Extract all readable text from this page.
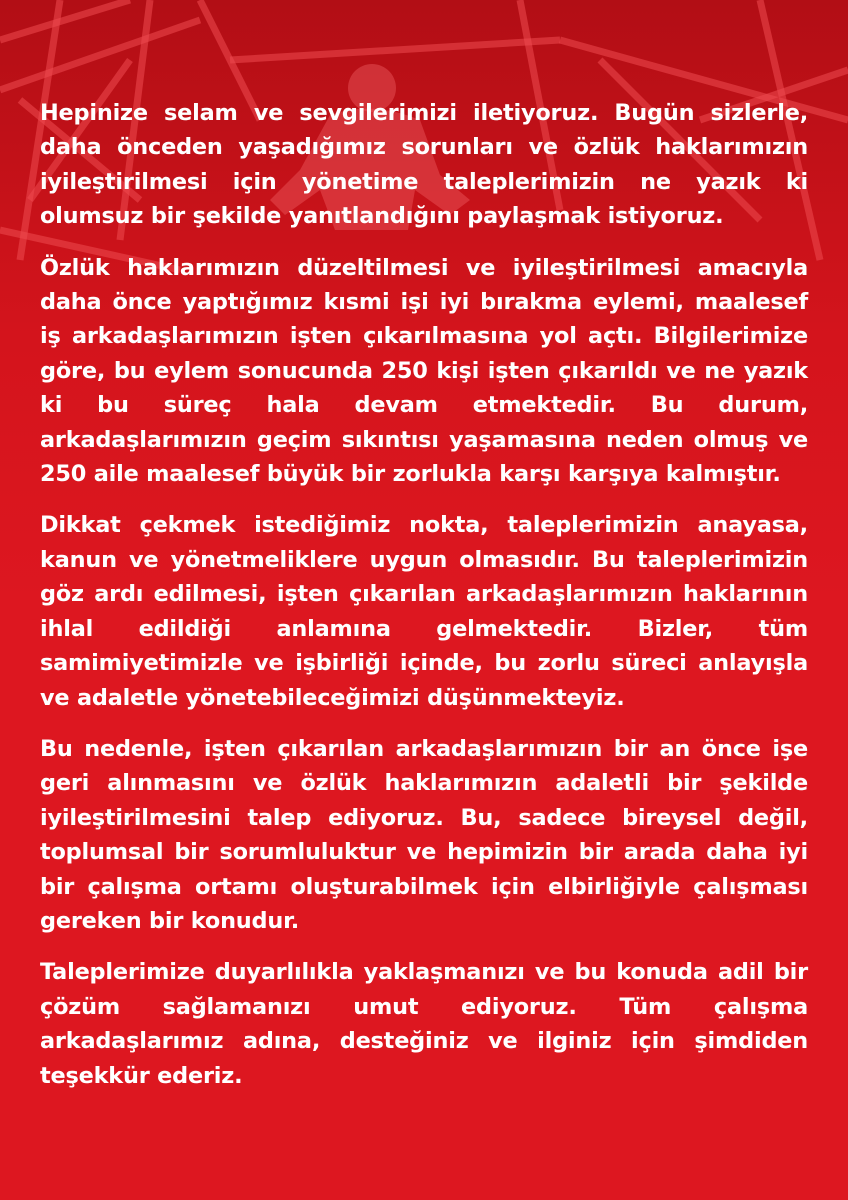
Hepinize selam ve sevgilerimizi iletiyoruz. Bugün sizlerle, daha önceden yaşadığımız sorunları ve özlük haklarımızın iyileştirilmesi için yönetime taleplerimizin ne yazık ki olumsuz bir şekilde yanıtlandığını paylaşmak istiyoruz.

Özlük haklarımızın düzeltilmesi ve iyileştirilmesi amacıyla daha önce yaptığımız kısmi işi iyi bırakma eylemi, maalesef iş arkadaşlarımızın işten çıkarılmasına yol açtı. Bilgilerimize göre, bu eylem sonucunda 250 kişi işten çıkarıldı ve ne yazık ki bu süreç hala devam etmektedir. Bu durum, arkadaşlarımızın geçim sıkıntısı yaşamasına neden olmuş ve 250 aile maalesef büyük bir zorlukla karşı karşıya kalmıştır.

Dikkat çekmek istediğimiz nokta, taleplerimizin anayasa, kanun ve yönetmeliklere uygun olmasıdır. Bu taleplerimizin göz ardı edilmesi, işten çıkarılan arkadaşlarımızın haklarının ihlal edildiği anlamına gelmektedir. Bizler, tüm samimiyetimizle ve işbirliği içinde, bu zorlu süreci anlayışla ve adaletle yönetebileceğimizi düşünmekteyiz.

Bu nedenle, işten çıkarılan arkadaşlarımızın bir an önce işe geri alınmasını ve özlük haklarımızın adaletli bir şekilde iyileştirilmesini talep ediyoruz. Bu, sadece bireysel değil, toplumsal bir sorumluluktur ve hepimizin bir arada daha iyi bir çalışma ortamı oluşturabilmek için elbirliğiyle çalışması gereken bir konudur.

Taleplerimize duyarlılıkla yaklaşmanızı ve bu konuda adil bir çözüm sağlamanızı umut ediyoruz. Tüm çalışma arkadaşlarımız adına, desteğiniz ve ilginiz için şimdiden teşekkür ederiz.
